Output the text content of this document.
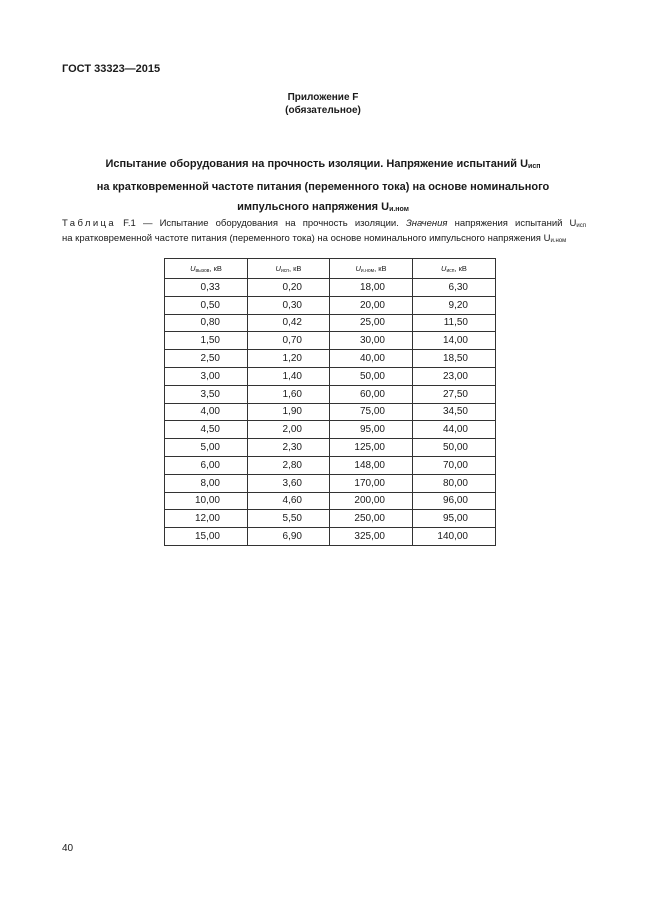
ГОСТ 33323—2015
Приложение F
(обязательное)
Испытание оборудования на прочность изоляции. Напряжение испытаний $U_{исп}$
на кратковременной частоте питания (переменного тока) на основе номинального
импульсного напряжения $U_{и.ном}$
Таблица F.1 — Испытание оборудования на прочность изоляции. Значения напряжения испытаний $U_{исп}$
на кратковременной частоте питания (переменного тока) на основе номинального импульсного напряжения $U_{и.ном}$
$U_{вызов}$, кВ	$U_{исп}$, кВ	$U_{и.ном}$, кВ	$U_{исп}$, кВ
0,33	0,20	18,00	6,30
0,50	0,30	20,00	9,20
0,80	0,42	25,00	11,50
1,50	0,70	30,00	14,00
2,50	1,20	40,00	18,50
3,00	1,40	50,00	23,00
3,50	1,60	60,00	27,50
4,00	1,90	75,00	34,50
4,50	2,00	95,00	44,00
5,00	2,30	125,00	50,00
6,00	2,80	148,00	70,00
8,00	3,60	170,00	80,00
10,00	4,60	200,00	96,00
12,00	5,50	250,00	95,00
15,00	6,90	325,00	140,00
40
